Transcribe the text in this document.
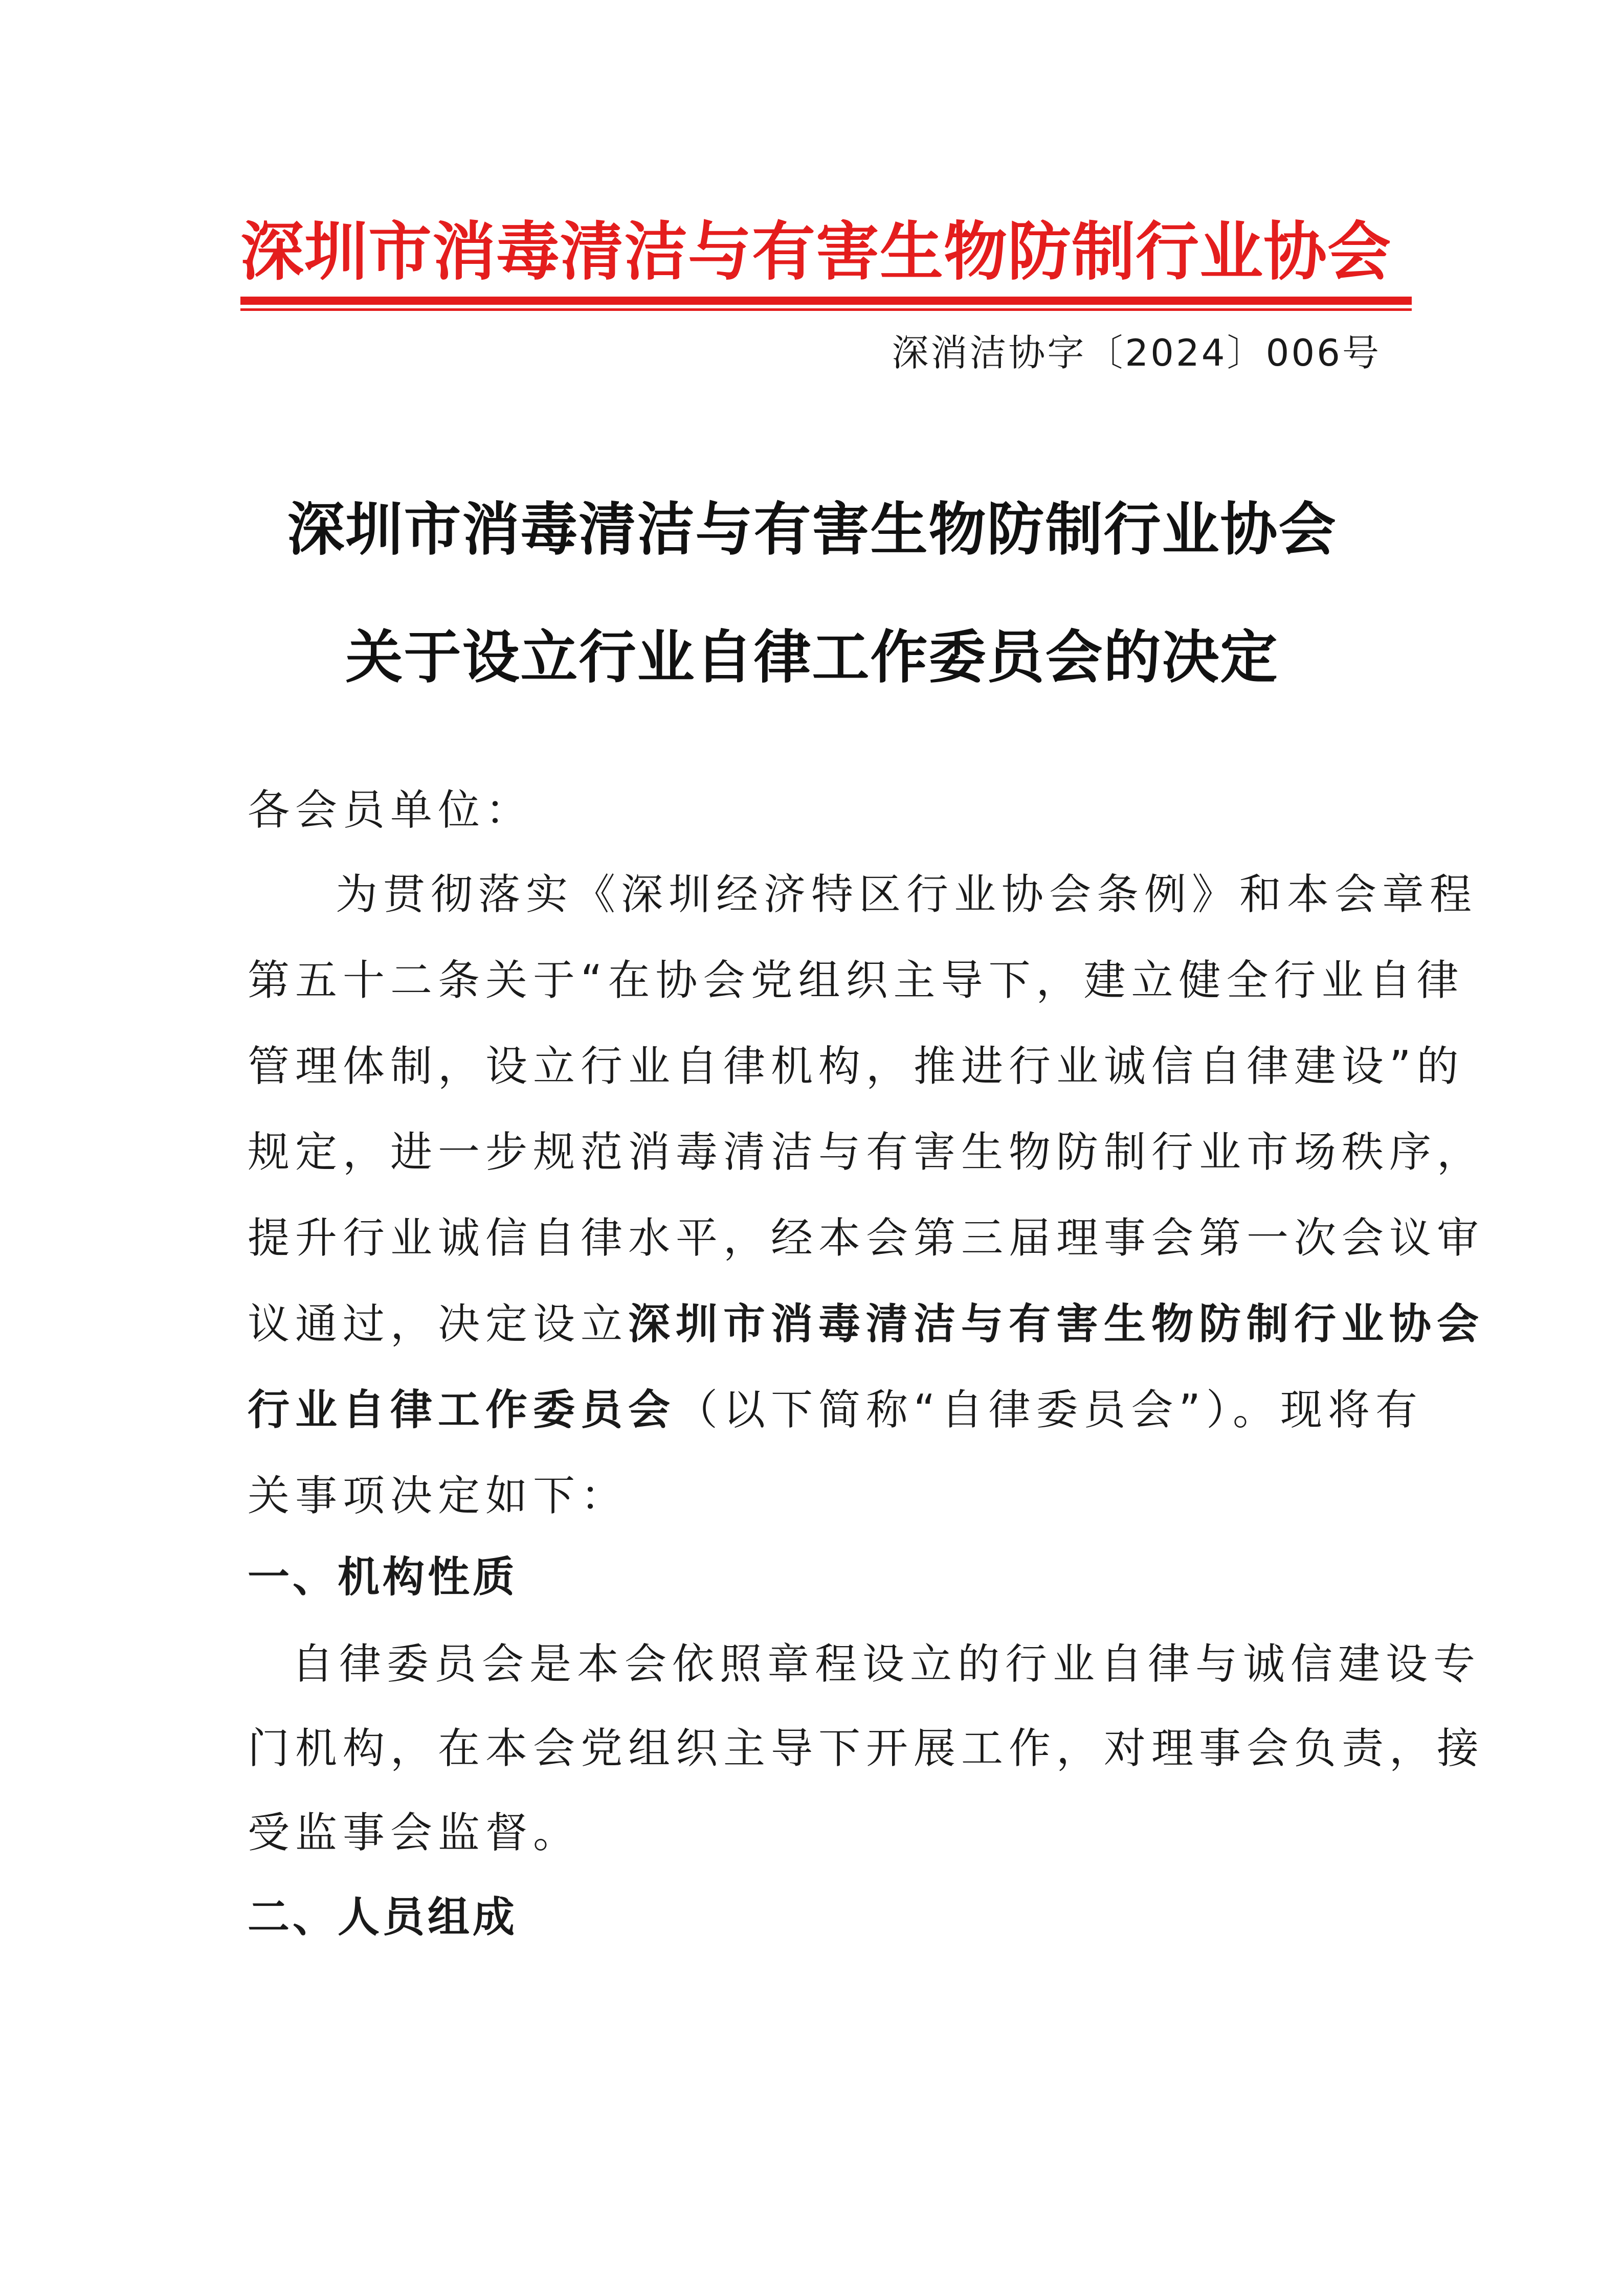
深圳市消毒清洁与有害生物防制行业协会
深消洁协字〔2024〕006号
深圳市消毒清洁与有害生物防制行业协会
关于设立行业自律工作委员会的决定
各会员单位：
为贯彻落实《深圳经济特区行业协会条例》和本会章程
第五十二条关于“在协会党组织主导下，建立健全行业自律
管理体制，设立行业自律机构，推进行业诚信自律建设”的
规定，进一步规范消毒清洁与有害生物防制行业市场秩序，
提升行业诚信自律水平，经本会第三届理事会第一次会议审
议通过，决定设立深圳市消毒清洁与有害生物防制行业协会
行业自律工作委员会（以下简称“自律委员会”）。现将有
关事项决定如下：
一、机构性质
自律委员会是本会依照章程设立的行业自律与诚信建设专
门机构，在本会党组织主导下开展工作，对理事会负责，接
受监事会监督。
二、人员组成
